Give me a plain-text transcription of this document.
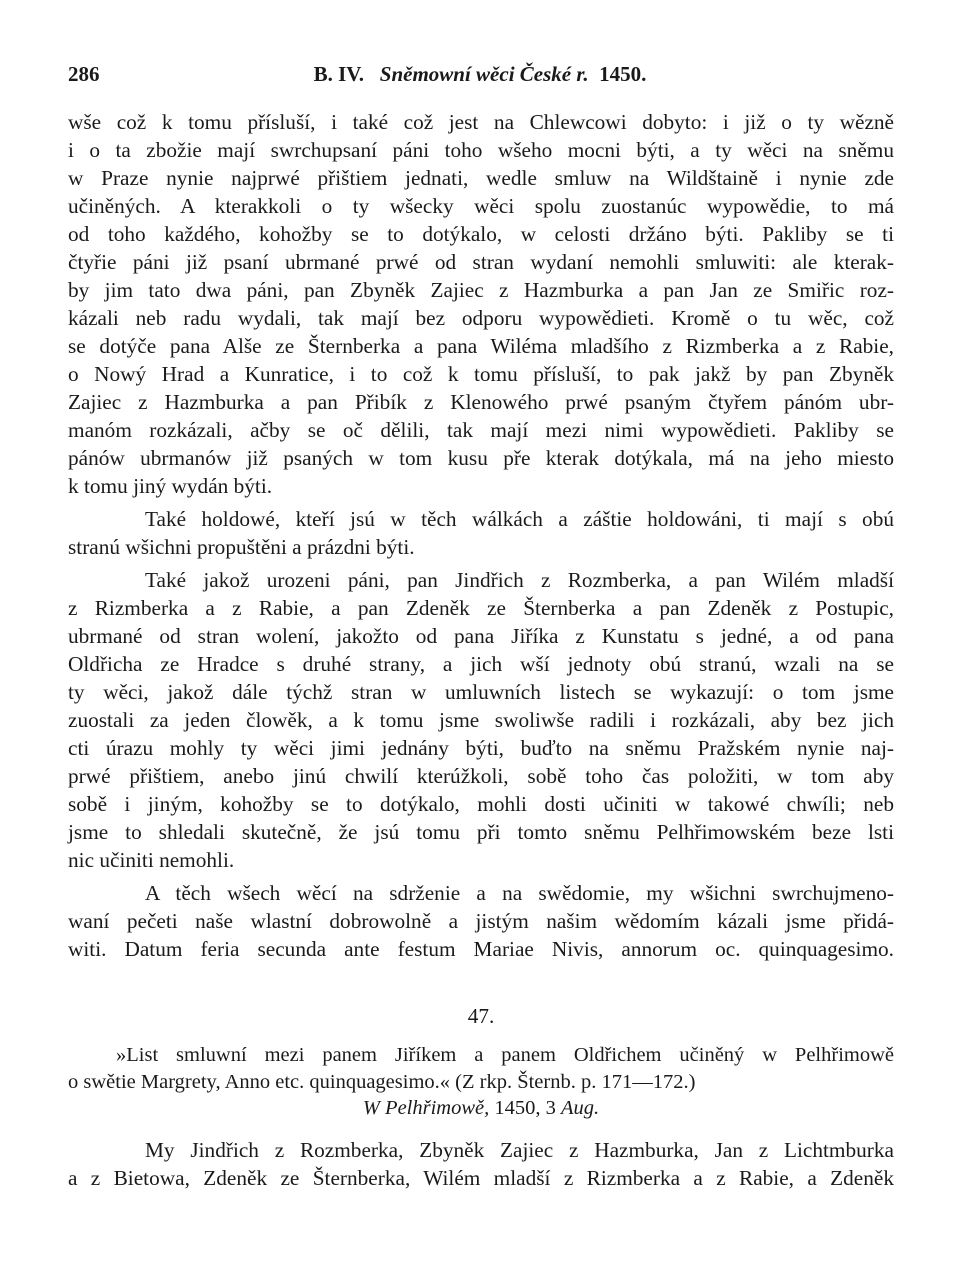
286	B. IV. Sněmowní wěci České r. 1450.
wše což k tomu přísluší, i také což jest na Chlewcowi dobyto: i již o ty wězně
i o ta zbožie mají swrchupsaní páni toho wšeho mocni býti, a ty wěci na sněmu
w Praze nynie najprwé přištiem jednati, wedle smluw na Wildštaině i nynie zde
učiněných. A kterakkoli o ty wšecky wěci spolu zuostanúc wypowědie, to má
od toho každého, kohožby se to dotýkalo, w celosti držáno býti. Pakliby se ti
čtyřie páni již psaní ubrmané prwé od stran wydaní nemohli smluwiti: ale kterak-
by jim tato dwa páni, pan Zbyněk Zajiec z Hazmburka a pan Jan ze Smiřic roz-
kázali neb radu wydali, tak mají bez odporu wypowědieti. Kromě o tu wěc, což
se dotýče pana Alše ze Šternberka a pana Wiléma mladšího z Rizmberka a z Rabie,
o Nowý Hrad a Kunratice, i to což k tomu přísluší, to pak jakž by pan Zbyněk
Zajiec z Hazmburka a pan Přibík z Klenowého prwé psaným čtyřem pánóm ubr-
manóm rozkázali, ačby se oč dělili, tak mají mezi nimi wypowědieti. Pakliby se
pánów ubrmanów již psaných w tom kusu pře kterak dotýkala, má na jeho miesto
k tomu jiný wydán býti.
Také holdowé, kteří jsú w těch wálkách a záštie holdowáni, ti mají s obú
stranú wšichni propuštěni a prázdni býti.
Také jakož urozeni páni, pan Jindřich z Rozmberka, a pan Wilém mladší
z Rizmberka a z Rabie, a pan Zdeněk ze Šternberka a pan Zdeněk z Postupic,
ubrmané od stran wolení, jakožto od pana Jiříka z Kunstatu s jedné, a od pana
Oldřicha ze Hradce s druhé strany, a jich wší jednoty obú stranú, wzali na se
ty wěci, jakož dále týchž stran w umluwních listech se wykazují: o tom jsme
zuostali za jeden člowěk, a k tomu jsme swoliwše radili i rozkázali, aby bez jich
cti úrazu mohly ty wěci jimi jednány býti, buďto na sněmu Pražském nynie naj-
prwé přištiem, anebo jinú chwilí kterúžkoli, sobě toho čas položiti, w tom aby
sobě i jiným, kohožby se to dotýkalo, mohli dosti učiniti w takowé chwíli; neb
jsme to shledali skutečně, že jsú tomu při tomto sněmu Pelhřimowském beze lsti
nic učiniti nemohli.
A těch wšech wěcí na sdrženie a na swědomie, my wšichni swrchujmeno-
waní pečeti naše wlastní dobrowolně a jistým našim wědomím kázali jsme přidá-
witi. Datum feria secunda ante festum Mariae Nivis, annorum oc. quinquagesimo.
47.
»List smluwní mezi panem Jiříkem a panem Oldřichem učiněný w Pelhřimowě
o swětie Margrety, Anno etc. quinquagesimo.« (Z rkp. Šternb. p. 171—172.)
W Pelhřimowě, 1450, 3 Aug.
My Jindřich z Rozmberka, Zbyněk Zajiec z Hazmburka, Jan z Lichtmburka
a z Bietowa, Zdeněk ze Šternberka, Wilém mladší z Rizmberka a z Rabie, a Zdeněk
